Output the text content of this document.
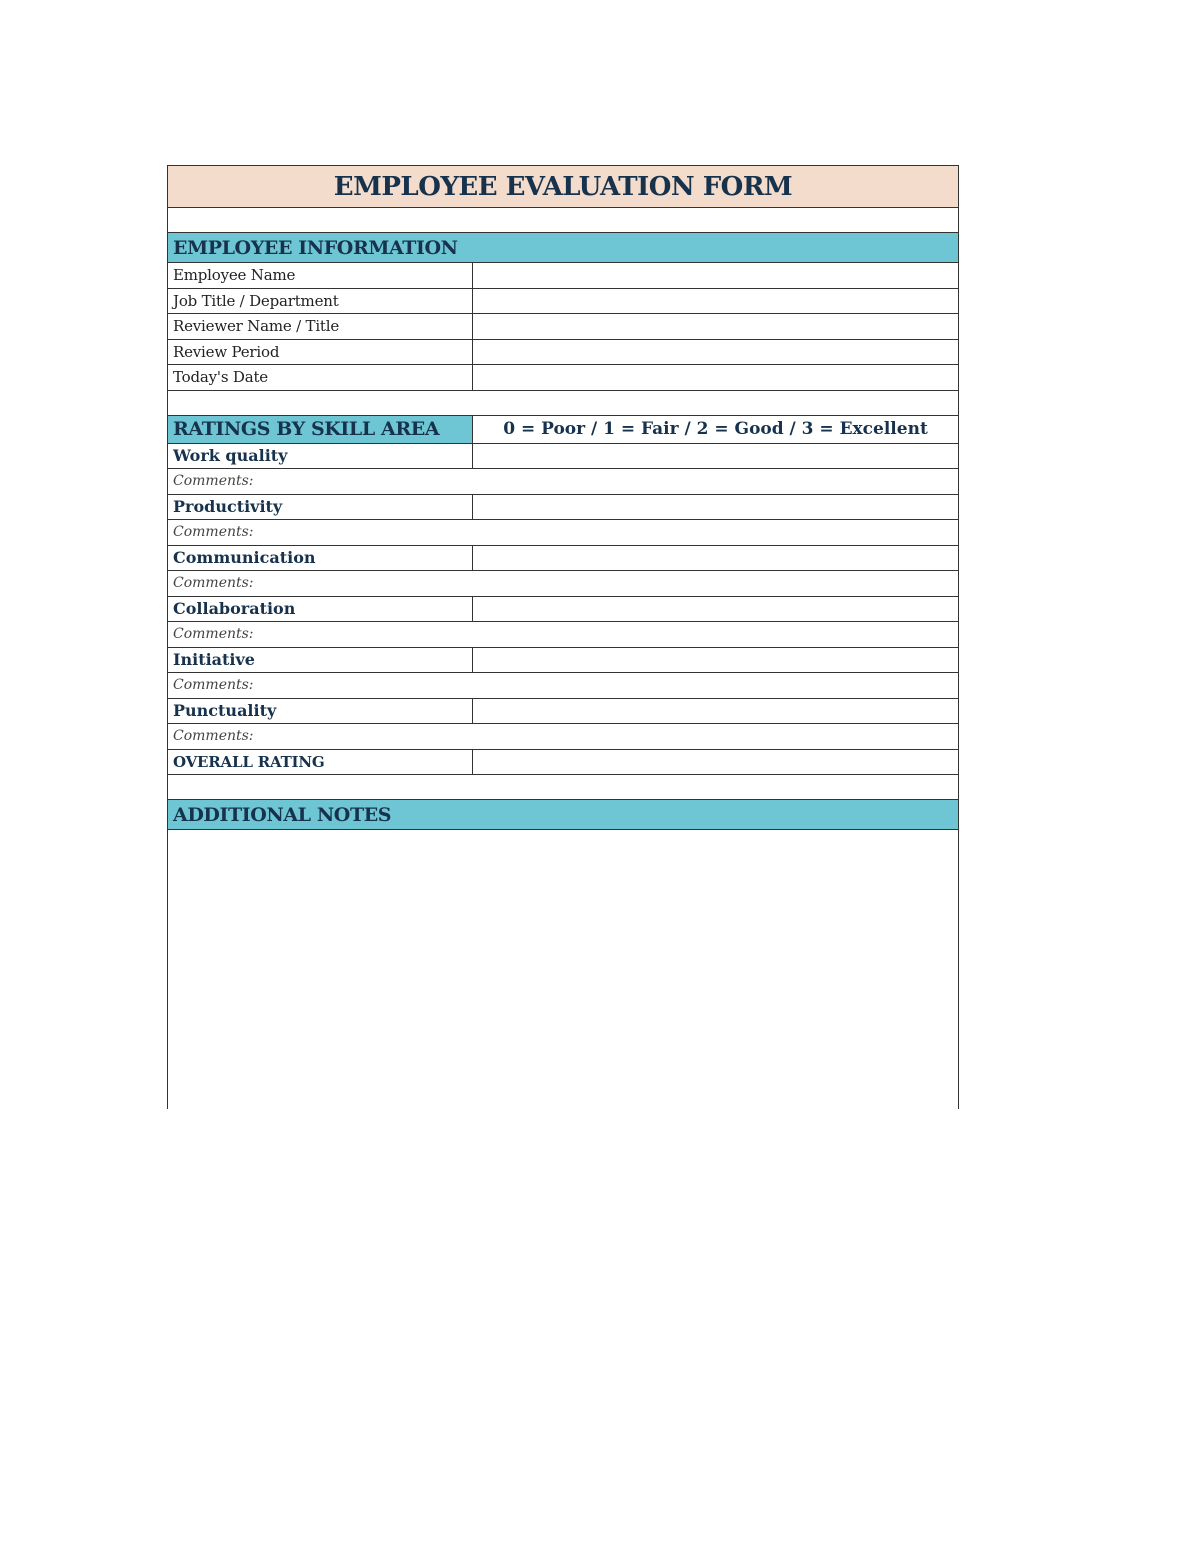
EMPLOYEE EVALUATION FORM
EMPLOYEE INFORMATION
Employee Name
Job Title / Department
Reviewer Name / Title
Review Period
Today's Date
RATINGS BY SKILL AREA	0 = Poor / 1 = Fair / 2 = Good / 3 = Excellent
Work quality
Comments:
Productivity
Comments:
Communication
Comments:
Collaboration
Comments:
Initiative
Comments:
Punctuality
Comments:
OVERALL RATING
ADDITIONAL NOTES
